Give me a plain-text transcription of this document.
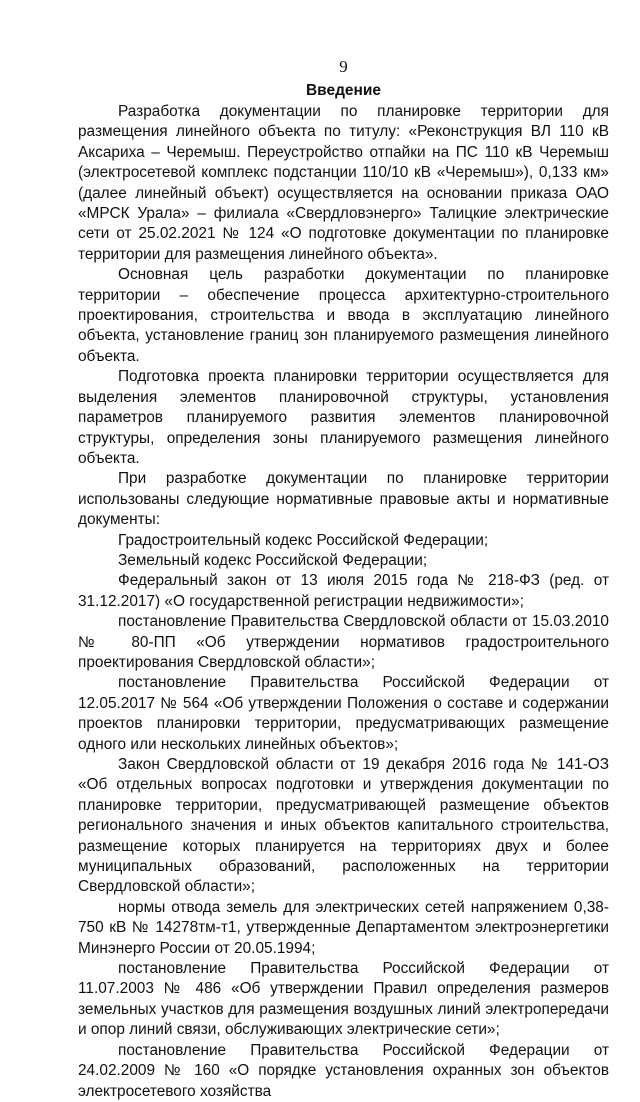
9
Введение

Разработка документации по планировке территории для размещения линейного объекта по титулу: «Реконструкция ВЛ 110 кВ Аксариха – Черемыш. Переустройство отпайки на ПС 110 кВ Черемыш (электросетевой комплекс подстанции 110/10 кВ «Черемыш»), 0,133 км» (далее линейный объект) осуществляется на основании приказа ОАО «МРСК Урала» – филиала «Свердловэнерго» Талицкие электрические сети от 25.02.2021 № 124 «О подготовке документации по планировке территории для размещения линейного объекта».

Основная цель разработки документации по планировке территории – обеспечение процесса архитектурно-строительного проектирования, строительства и ввода в эксплуатацию линейного объекта, установление границ зон планируемого размещения линейного объекта.

Подготовка проекта планировки территории осуществляется для выделения элементов планировочной структуры, установления параметров планируемого развития элементов планировочной структуры, определения зоны планируемого размещения линейного объекта.

При разработке документации по планировке территории использованы следующие нормативные правовые акты и нормативные документы:

Градостроительный кодекс Российской Федерации;

Земельный кодекс Российской Федерации;

Федеральный закон от 13 июля 2015 года № 218-ФЗ (ред. от 31.12.2017) «О государственной регистрации недвижимости»;

постановление Правительства Свердловской области от 15.03.2010 № 80-ПП «Об утверждении нормативов градостроительного проектирования Свердловской области»;

постановление Правительства Российской Федерации от 12.05.2017 № 564 «Об утверждении Положения о составе и содержании проектов планировки территории, предусматривающих размещение одного или нескольких линейных объектов»;

Закон Свердловской области от 19 декабря 2016 года № 141-ОЗ «Об отдельных вопросах подготовки и утверждения документации по планировке территории, предусматривающей размещение объектов регионального значения и иных объектов капитального строительства, размещение которых планируется на территориях двух и более муниципальных образований, расположенных на территории Свердловской области»;

нормы отвода земель для электрических сетей напряжением 0,38-750 кВ № 14278тм-т1, утвержденные Департаментом электроэнергетики Минэнерго России от 20.05.1994;

постановление Правительства Российской Федерации от 11.07.2003 № 486 «Об утверждении Правил определения размеров земельных участков для размещения воздушных линий электропередачи и опор линий связи, обслуживающих электрические сети»;

постановление Правительства Российской Федерации от 24.02.2009 № 160 «О порядке установления охранных зон объектов электросетевого хозяйства
